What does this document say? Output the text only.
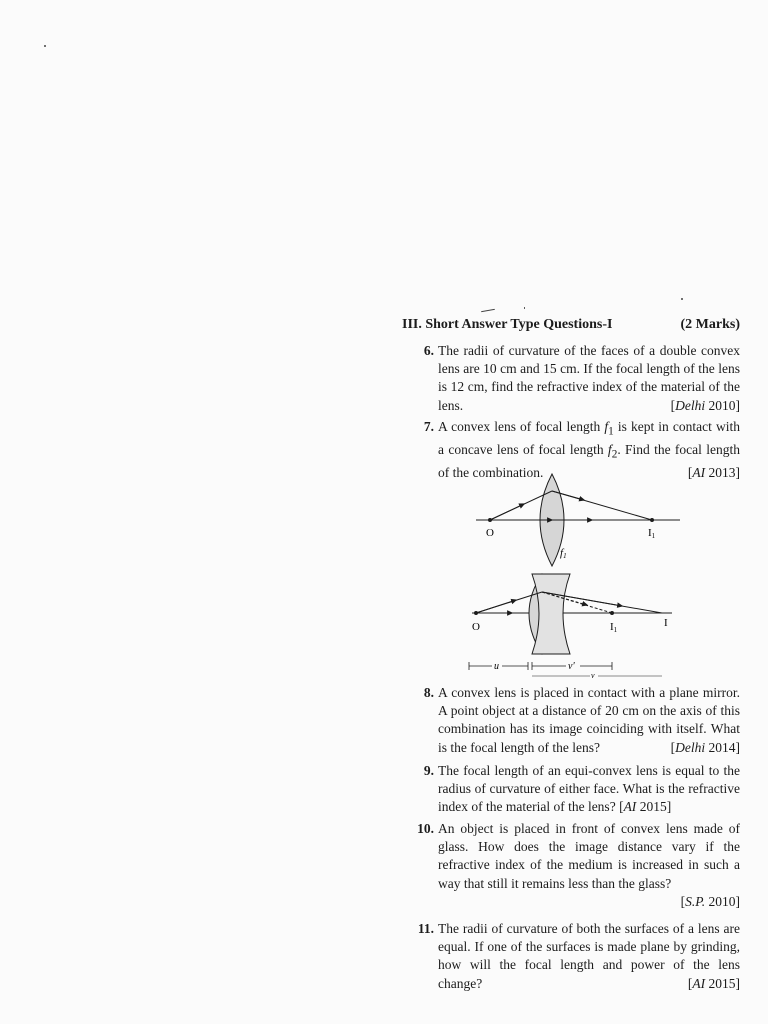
III. Short Answer Type Questions-I	(2 Marks)
6. The radii of curvature of the faces of a double convex lens are 10 cm and 15 cm. If the focal length of the lens is 12 cm, find the refractive index of the material of the lens.	[Delhi 2010]
7. A convex lens of focal length $f_1$ is kept in contact with a concave lens of focal length $f_2$. Find the focal length of the combination.	[AI 2013]
O	I1
f1
O	I1
I
u	v'
v
8. A convex lens is placed in contact with a plane mirror. A point object at a distance of 20 cm on the axis of this combination has its image coinciding with itself. What is the focal length of the lens?	[Delhi 2014]
9. The focal length of an equi-convex lens is equal to the radius of curvature of either face. What is the refractive index of the material of the lens? [AI 2015]
10. An object is placed in front of convex lens made of glass. How does the image distance vary if the refractive index of the medium is increased in such a way that still it remains less than the glass?
[S.P. 2010]
11. The radii of curvature of both the surfaces of a lens are equal. If one of the surfaces is made plane by grinding, how will the focal length and power of the lens change?	[AI 2015]
